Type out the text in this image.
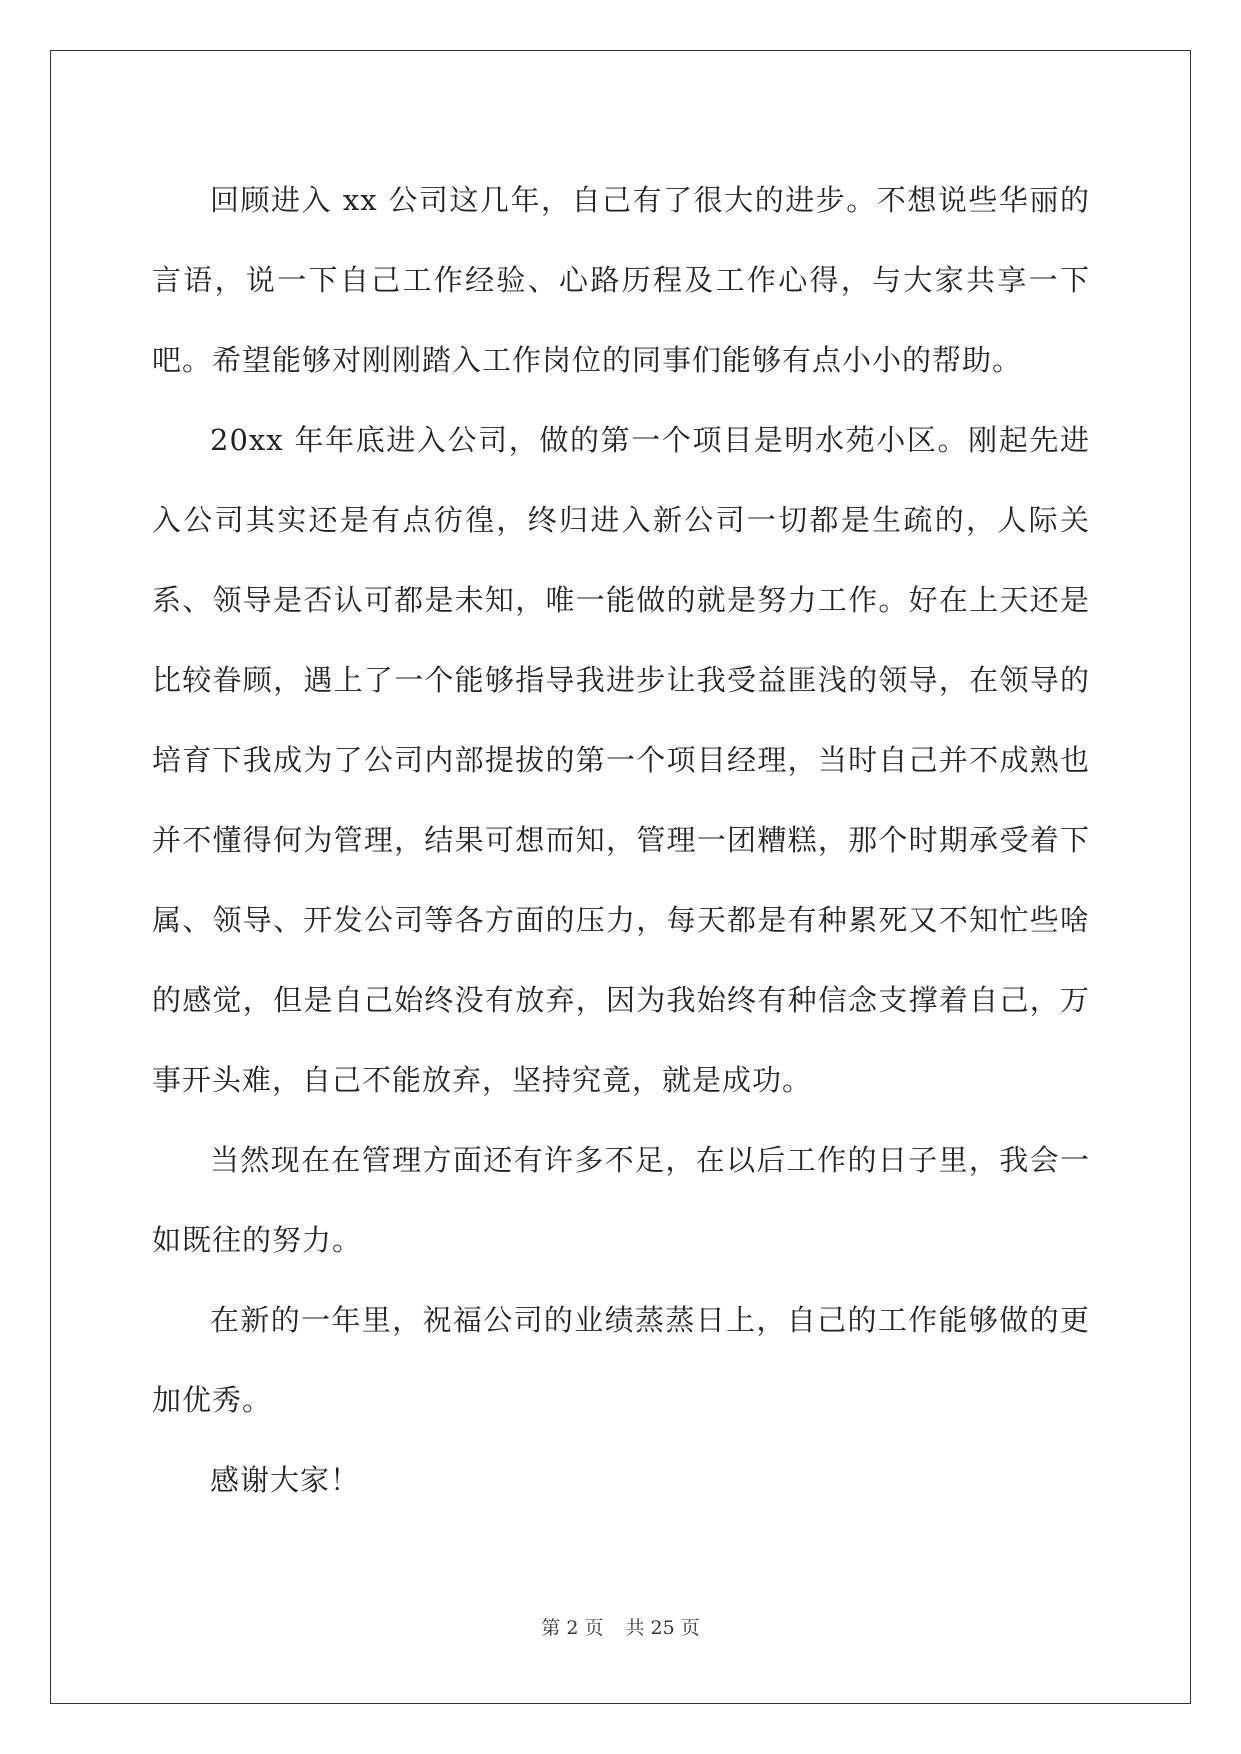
回顾进入 xx 公司这几年，自己有了很大的进步。不想说些华丽的言语，说一下自己工作经验、心路历程及工作心得，与大家共享一下吧。希望能够对刚刚踏入工作岗位的同事们能够有点小小的帮助。

20xx 年年底进入公司，做的第一个项目是明水苑小区。刚起先进入公司其实还是有点彷徨，终归进入新公司一切都是生疏的，人际关系、领导是否认可都是未知，唯一能做的就是努力工作。好在上天还是比较眷顾，遇上了一个能够指导我进步让我受益匪浅的领导，在领导的培育下我成为了公司内部提拔的第一个项目经理，当时自己并不成熟也并不懂得何为管理，结果可想而知，管理一团糟糕，那个时期承受着下属、领导、开发公司等各方面的压力，每天都是有种累死又不知忙些啥的感觉，但是自己始终没有放弃，因为我始终有种信念支撑着自己，万事开头难，自己不能放弃，坚持究竟，就是成功。

当然现在在管理方面还有许多不足，在以后工作的日子里，我会一如既往的努力。

在新的一年里，祝福公司的业绩蒸蒸日上，自己的工作能够做的更加优秀。

感谢大家！

第 2 页 共 25 页
